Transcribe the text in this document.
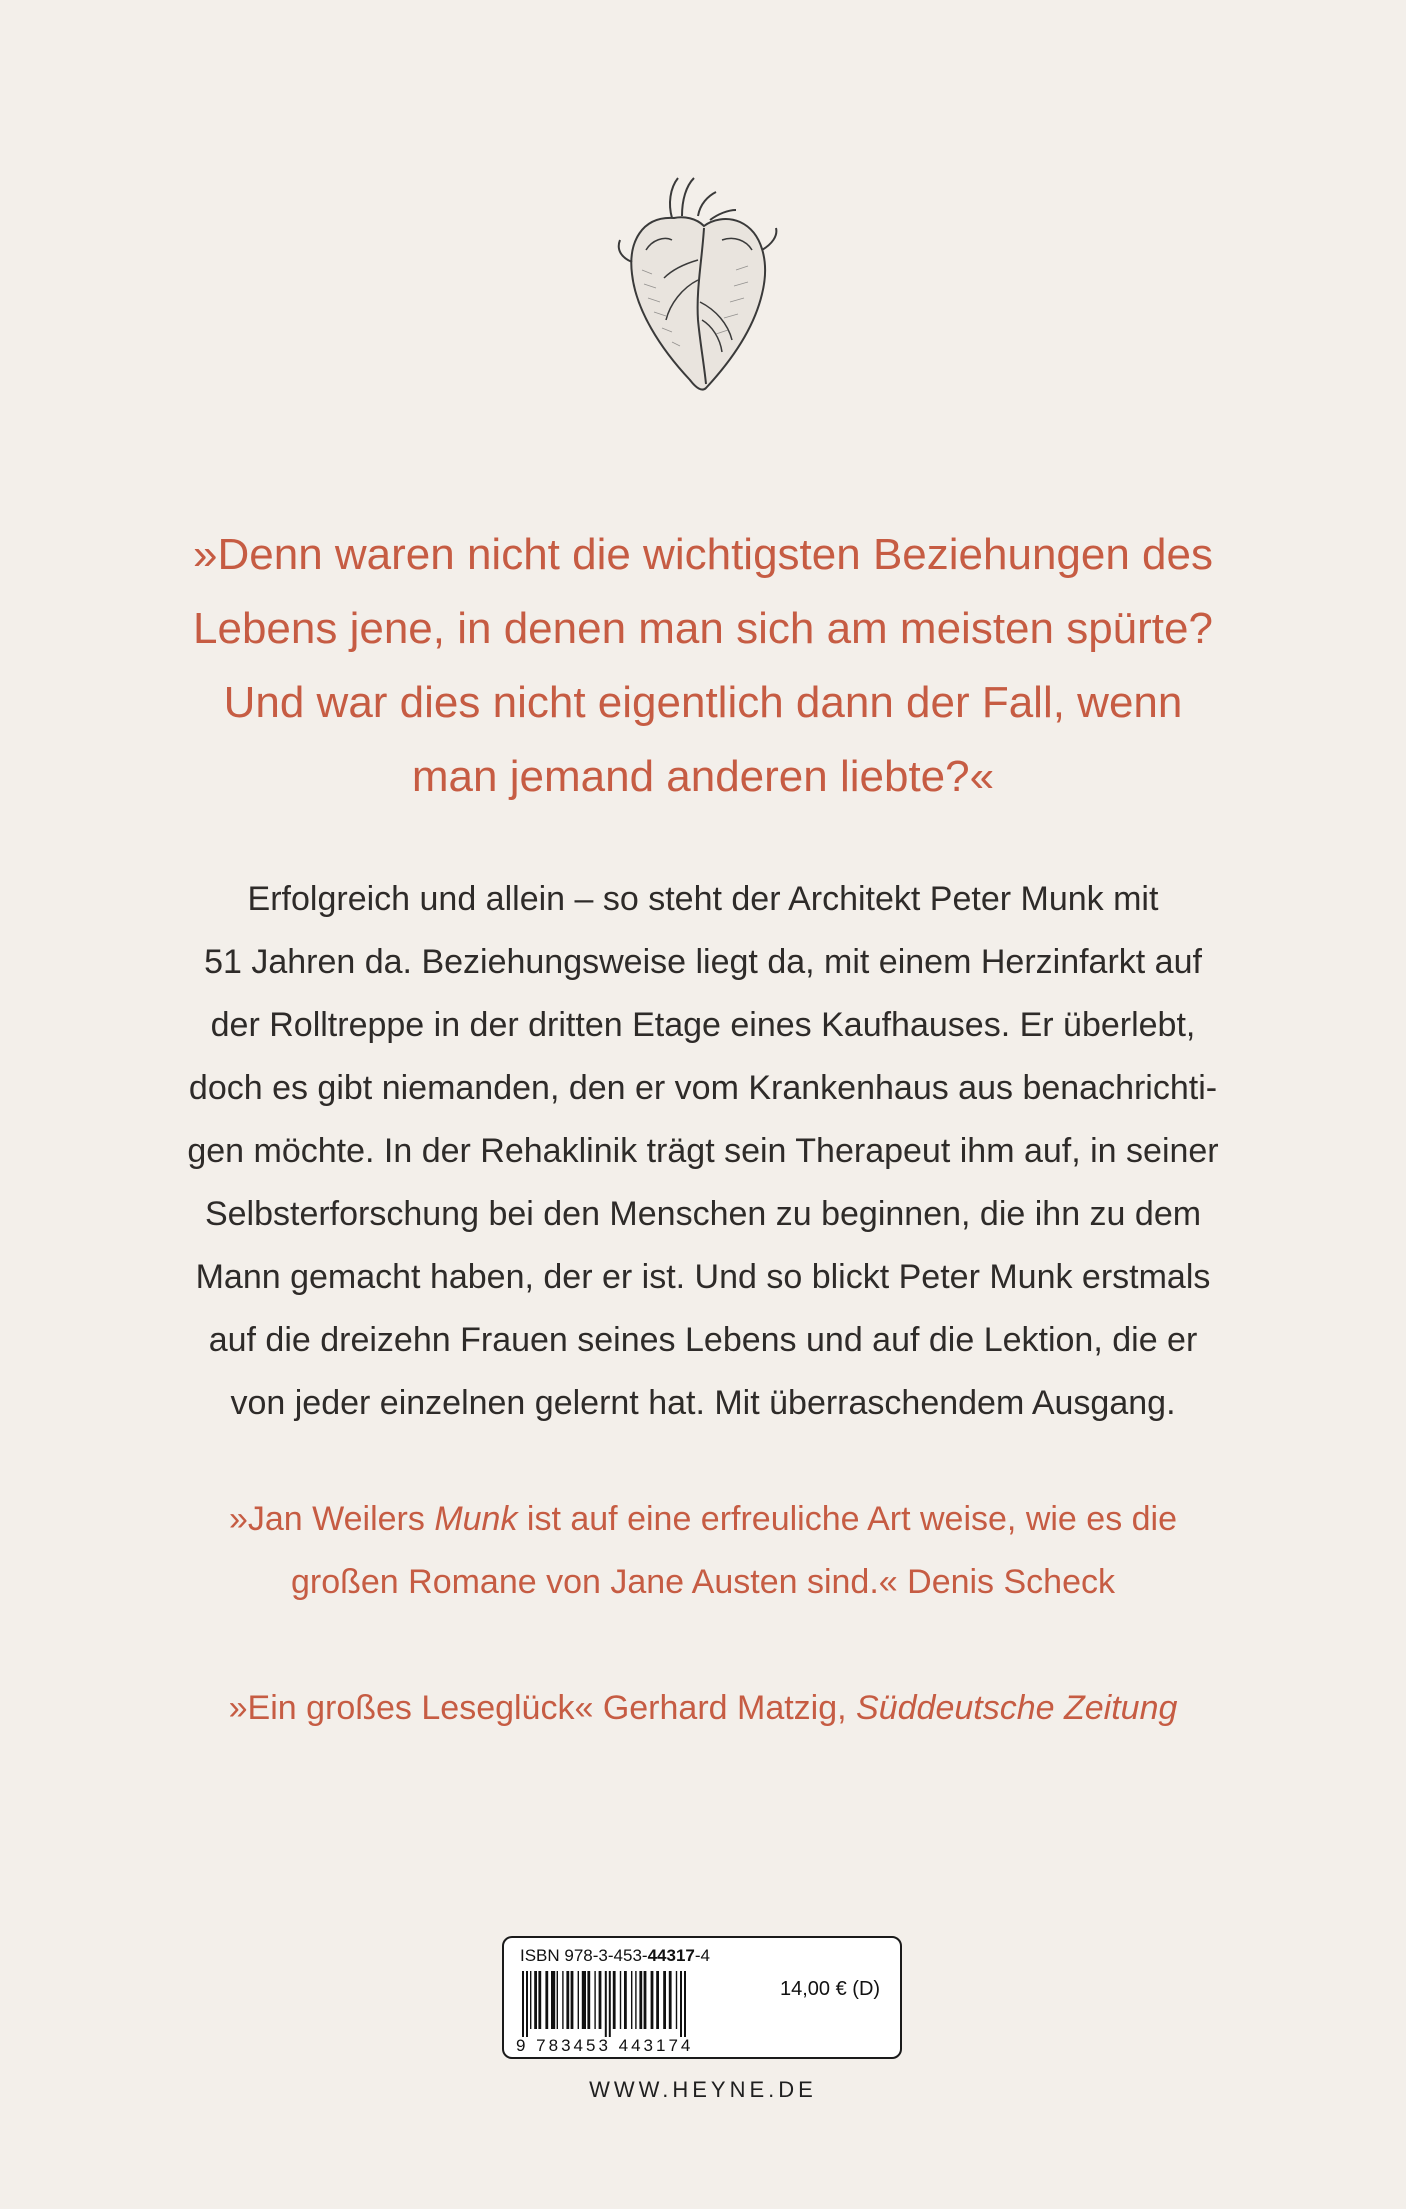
»Denn waren nicht die wichtigsten Beziehungen des
Lebens jene, in denen man sich am meisten spürte?
Und war dies nicht eigentlich dann der Fall, wenn
man jemand anderen liebte?«
Erfolgreich und allein – so steht der Architekt Peter Munk mit
51 Jahren da. Beziehungsweise liegt da, mit einem Herzinfarkt auf
der Rolltreppe in der dritten Etage eines Kaufhauses. Er überlebt,
doch es gibt niemanden, den er vom Krankenhaus aus benachrichti-
gen möchte. In der Rehaklinik trägt sein Therapeut ihm auf, in seiner
Selbsterforschung bei den Menschen zu beginnen, die ihn zu dem
Mann gemacht haben, der er ist. Und so blickt Peter Munk erstmals
auf die dreizehn Frauen seines Lebens und auf die Lektion, die er
von jeder einzelnen gelernt hat. Mit überraschendem Ausgang.
»Jan Weilers Munk ist auf eine erfreuliche Art weise, wie es die
großen Romane von Jane Austen sind.« Denis Scheck
»Ein großes Leseglück« Gerhard Matzig, Süddeutsche Zeitung
ISBN 978-3-453-44317-4
9 783453 443174
14,00 € (D)
WWW.HEYNE.DE
